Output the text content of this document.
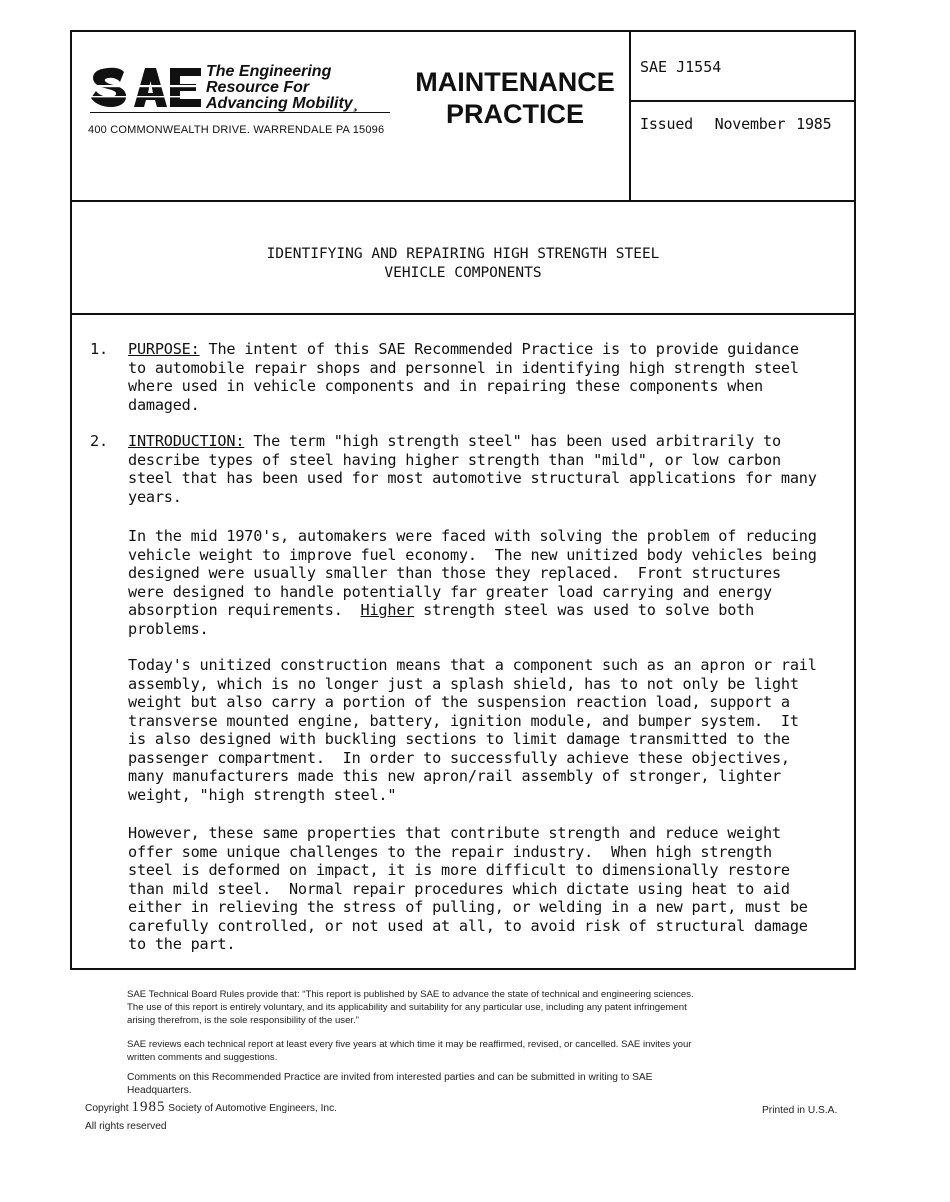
The Engineering
Resource For
Advancing Mobility¸
400 COMMONWEALTH DRIVE. WARRENDALE PA 15096
MAINTENANCE
PRACTICE
SAE J1554
Issued  November 1985
IDENTIFYING AND REPAIRING HIGH STRENGTH STEEL
VEHICLE COMPONENTS
1. PURPOSE: The intent of this SAE Recommended Practice is to provide guidance
to automobile repair shops and personnel in identifying high strength steel
where used in vehicle components and in repairing these components when
damaged.
2. INTRODUCTION: The term "high strength steel" has been used arbitrarily to
describe types of steel having higher strength than "mild", or low carbon
steel that has been used for most automotive structural applications for many
years.
In the mid 1970's, automakers were faced with solving the problem of reducing
vehicle weight to improve fuel economy.  The new unitized body vehicles being
designed were usually smaller than those they replaced.  Front structures
were designed to handle potentially far greater load carrying and energy
absorption requirements.  Higher strength steel was used to solve both
problems.
Today's unitized construction means that a component such as an apron or rail
assembly, which is no longer just a splash shield, has to not only be light
weight but also carry a portion of the suspension reaction load, support a
transverse mounted engine, battery, ignition module, and bumper system.  It
is also designed with buckling sections to limit damage transmitted to the
passenger compartment.  In order to successfully achieve these objectives,
many manufacturers made this new apron/rail assembly of stronger, lighter
weight, "high strength steel."
However, these same properties that contribute strength and reduce weight
offer some unique challenges to the repair industry.  When high strength
steel is deformed on impact, it is more difficult to dimensionally restore
than mild steel.  Normal repair procedures which dictate using heat to aid
either in relieving the stress of pulling, or welding in a new part, must be
carefully controlled, or not used at all, to avoid risk of structural damage
to the part.
SAE Technical Board Rules provide that: “This report is published by SAE to advance the state of technical and engineering sciences.
The use of this report is entirely voluntary, and its applicability and suitability for any particular use, including any patent infringement
arising therefrom, is the sole responsibility of the user.”
SAE reviews each technical report at least every five years at which time it may be reaffirmed, revised, or cancelled. SAE invites your
written comments and suggestions.
Comments on this Recommended Practice are invited from interested parties and can be submitted in writing to SAE
Headquarters.
Copyright 1985 Society of Automotive Engineers, Inc.
All rights reserved
Printed in U.S.A.
